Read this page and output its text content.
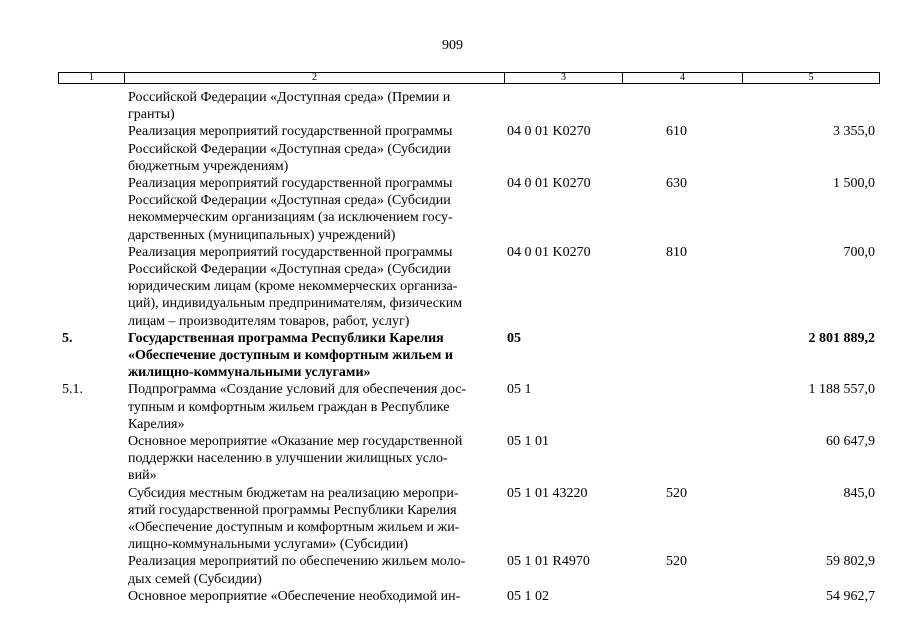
909
1	2	3	4	5
Российской Федерации «Доступная среда» (Премии и
гранты)
Реализация мероприятий государственной программы
Российской Федерации «Доступная среда» (Субсидии
бюджетным учреждениям)
04 0 01 K0270	610	3 355,0
Реализация мероприятий государственной программы
Российской Федерации «Доступная среда» (Субсидии
некоммерческим организациям (за исключением госу-
дарственных (муниципальных) учреждений)
04 0 01 K0270	630	1 500,0
Реализация мероприятий государственной программы
Российской Федерации «Доступная среда» (Субсидии
юридическим лицам (кроме некоммерческих организа-
ций), индивидуальным предпринимателям, физическим
лицам – производителям товаров, работ, услуг)
04 0 01 K0270	810	700,0
5.	Государственная программа Республики Карелия
«Обеспечение доступным и комфортным жильем и
жилищно-коммунальными услугами»
05	2 801 889,2
5.1.	Подпрограмма «Создание условий для обеспечения дос-
тупным и комфортным жильем граждан в Республике
Карелия»
05 1	1 188 557,0
Основное мероприятие «Оказание мер государственной
поддержки населению в улучшении жилищных усло-
вий»
05 1 01	60 647,9
Субсидия местным бюджетам на реализацию меропри-
ятий государственной программы Республики Карелия
«Обеспечение доступным и комфортным жильем и жи-
лищно-коммунальными услугами» (Субсидии)
05 1 01 43220	520	845,0
Реализация мероприятий по обеспечению жильем моло-
дых семей (Субсидии)
05 1 01 R4970	520	59 802,9
Основное мероприятие «Обеспечение необходимой ин-	05 1 02	54 962,7
